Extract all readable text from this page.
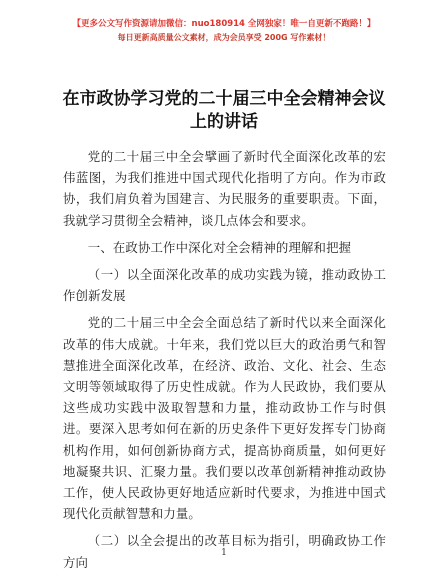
【更多公文写作资源请加微信：nuo180914 全网独家！唯一自更新不跑路！】
每日更新高质量公文素材，成为会员享受 200G 写作素材！
在市政协学习党的二十届三中全会精神会议上的讲话

党的二十届三中全会擘画了新时代全面深化改革的宏伟蓝图，为我们推进中国式现代化指明了方向。作为市政协，我们肩负着为国建言、为民服务的重要职责。下面，我就学习贯彻全会精神，谈几点体会和要求。

一、在政协工作中深化对全会精神的理解和把握

（一）以全面深化改革的成功实践为镜，推动政协工作创新发展

党的二十届三中全会全面总结了新时代以来全面深化改革的伟大成就。十年来，我们党以巨大的政治勇气和智慧推进全面深化改革，在经济、政治、文化、社会、生态文明等领域取得了历史性成就。作为人民政协，我们要从这些成功实践中汲取智慧和力量，推动政协工作与时俱进。要深入思考如何在新的历史条件下更好发挥专门协商机构作用，如何创新协商方式，提高协商质量，如何更好地凝聚共识、汇聚力量。我们要以改革创新精神推动政协工作，使人民政协更好地适应新时代要求，为推进中国式现代化贡献智慧和力量。

（二）以全会提出的改革目标为指引，明确政协工作方向

1
